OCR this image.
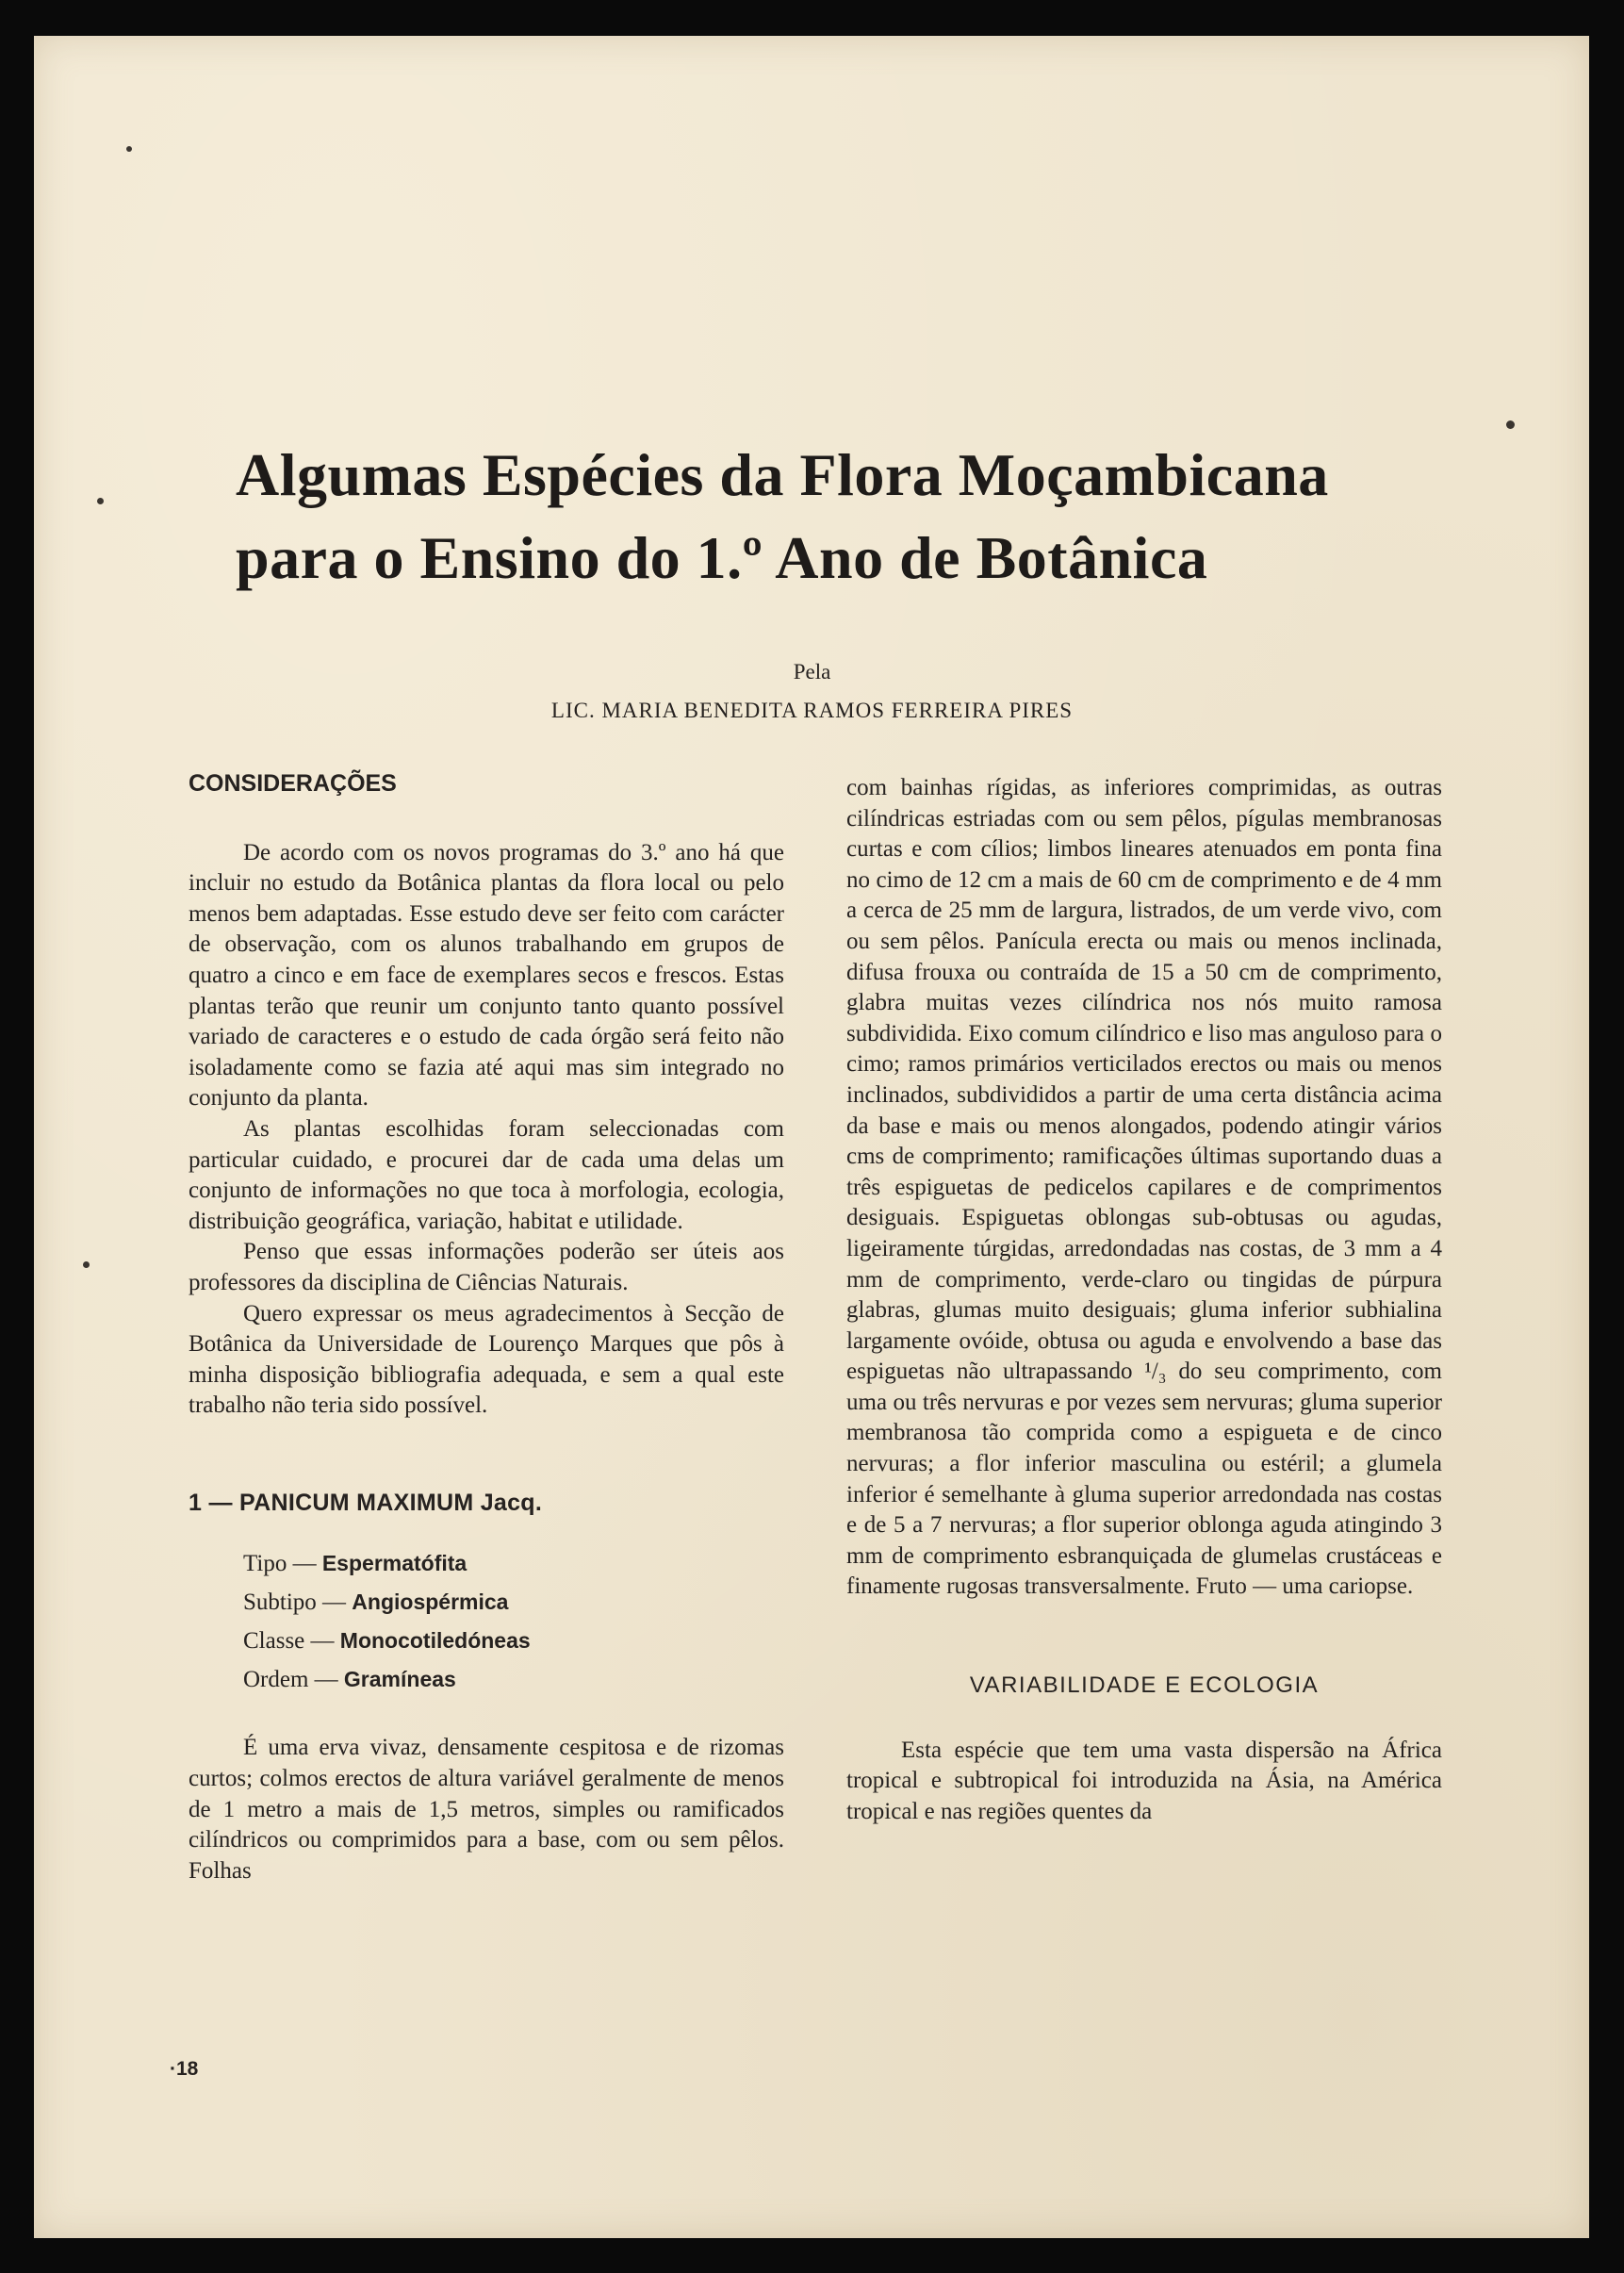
Algumas Espécies da Flora Moçambicana
para o Ensino do 1.º Ano de Botânica
Pela
LIC. MARIA BENEDITA RAMOS FERREIRA PIRES
CONSIDERAÇÕES

De acordo com os novos programas do 3.º ano há que incluir no estudo da Botânica plantas da flora local ou pelo menos bem adaptadas. Esse estudo deve ser feito com carácter de observação, com os alunos trabalhando em grupos de quatro a cinco e em face de exemplares secos e frescos. Estas plantas terão que reunir um conjunto tanto quanto possível variado de caracteres e o estudo de cada órgão será feito não isoladamente como se fazia até aqui mas sim integrado no conjunto da planta.

As plantas escolhidas foram seleccionadas com particular cuidado, e procurei dar de cada uma delas um conjunto de informações no que toca à morfologia, ecologia, distribuição geográfica, variação, habitat e utilidade.

Penso que essas informações poderão ser úteis aos professores da disciplina de Ciências Naturais.

Quero expressar os meus agradecimentos à Secção de Botânica da Universidade de Lourenço Marques que pôs à minha disposição bibliografia adequada, e sem a qual este trabalho não teria sido possível.

1 — PANICUM MAXIMUM Jacq.
Tipo — Espermatófita
Subtipo — Angiospérmica
Classe — Monocotiledóneas
Ordem — Gramíneas

É uma erva vivaz, densamente cespitosa e de rizomas curtos; colmos erectos de altura variável geralmente de menos de 1 metro a mais de 1,5 metros, simples ou ramificados cilíndricos ou comprimidos para a base, com ou sem pêlos. Folhas

com bainhas rígidas, as inferiores comprimidas, as outras cilíndricas estriadas com ou sem pêlos, pígulas membranosas curtas e com cílios; limbos lineares atenuados em ponta fina no cimo de 12 cm a mais de 60 cm de comprimento e de 4 mm a cerca de 25 mm de largura, listrados, de um verde vivo, com ou sem pêlos. Panícula erecta ou mais ou menos inclinada, difusa frouxa ou contraída de 15 a 50 cm de comprimento, glabra muitas vezes cilíndrica nos nós muito ramosa subdividida. Eixo comum cilíndrico e liso mas anguloso para o cimo; ramos primários verticilados erectos ou mais ou menos inclinados, subdivididos a partir de uma certa distância acima da base e mais ou menos alongados, podendo atingir vários cms de comprimento; ramificações últimas suportando duas a três espiguetas de pedicelos capilares e de comprimentos desiguais. Espiguetas oblongas sub-obtusas ou agudas, ligeiramente túrgidas, arredondadas nas costas, de 3 mm a 4 mm de comprimento, verde-claro ou tingidas de púrpura glabras, glumas muito desiguais; gluma inferior subhialina largamente ovóide, obtusa ou aguda e envolvendo a base das espiguetas não ultrapassando ¹/₃ do seu comprimento, com uma ou três nervuras e por vezes sem nervuras; gluma superior membranosa tão comprida como a espigueta e de cinco nervuras; a flor inferior masculina ou estéril; a glumela inferior é semelhante à gluma superior arredondada nas costas e de 5 a 7 nervuras; a flor superior oblonga aguda atingindo 3 mm de comprimento esbranquiçada de glumelas crustáceas e finamente rugosas transversalmente. Fruto — uma cariopse.

VARIABILIDADE E ECOLOGIA

Esta espécie que tem uma vasta dispersão na África tropical e subtropical foi introduzida na Ásia, na América tropical e nas regiões quentes da

·18
